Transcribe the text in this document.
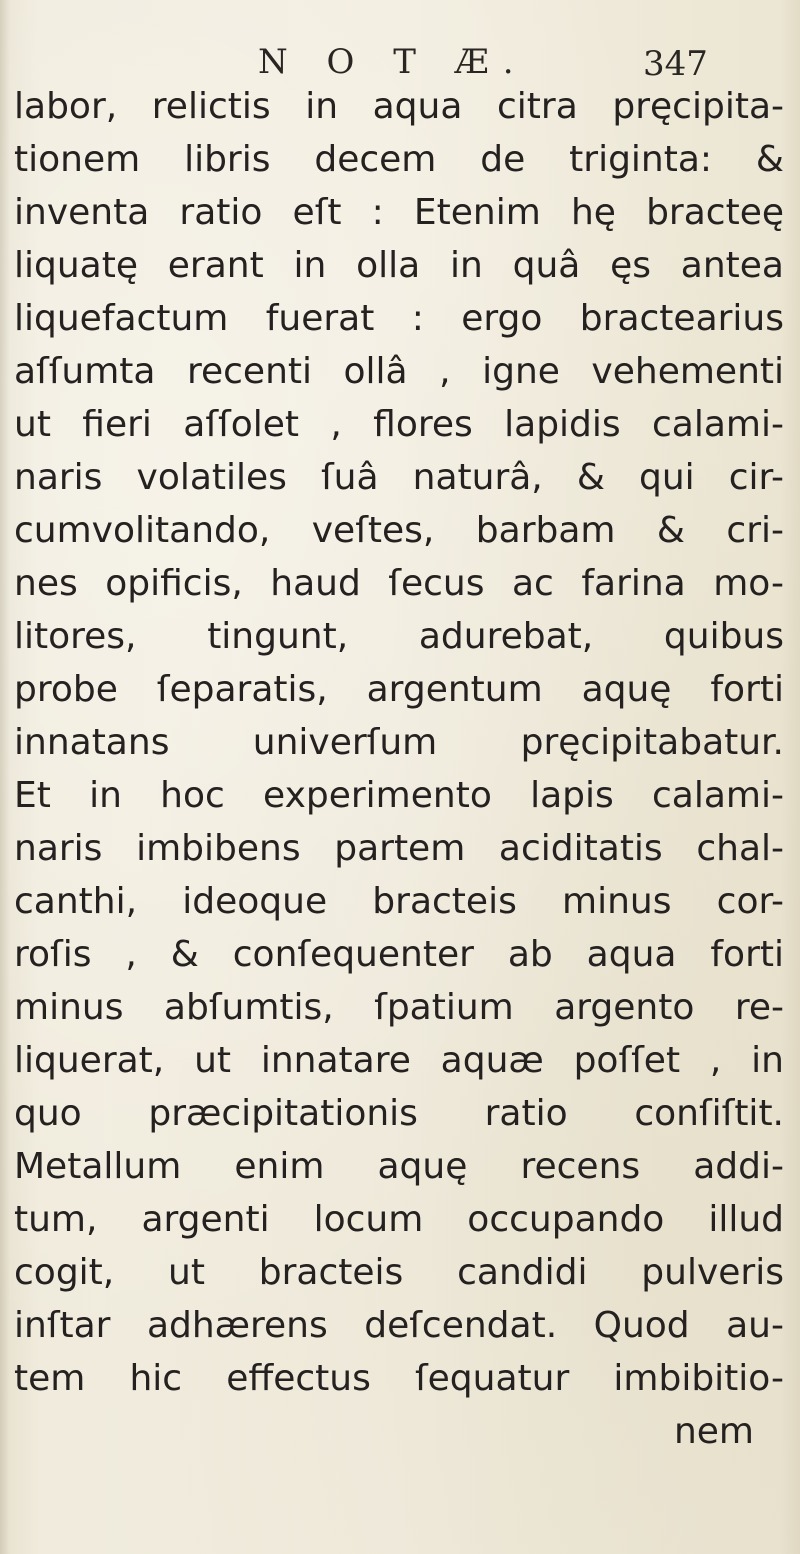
N O T Æ.	347
labor, relictis in aqua citra pręcipita-
tionem libris decem de triginta: &
inventa ratio eſt : Etenim hę bracteę
liquatę erant in olla in quâ ęs antea
liquefactum fuerat : ergo bractearius
aſſumta recenti ollâ , igne vehementi
ut fieri aſſolet , flores lapidis calami-
naris volatiles ſuâ naturâ, & qui cir-
cumvolitando, veſtes, barbam & cri-
nes opificis, haud ſecus ac farina mo-
litores, tingunt, adurebat, quibus
probe ſeparatis, argentum aquę forti
innatans univerſum pręcipitabatur.
Et in hoc experimento lapis calami-
naris imbibens partem aciditatis chal-
canthi, ideoque bracteis minus cor-
roſis , & conſequenter ab aqua forti
minus abſumtis, ſpatium argento re-
liquerat, ut innatare aquæ poſſet , in
quo præcipitationis ratio conſiſtit.
Metallum enim aquę recens addi-
tum, argenti locum occupando illud
cogit, ut bracteis candidi pulveris
inſtar adhærens deſcendat. Quod au-
tem hic effectus ſequatur imbibitio-
nem
